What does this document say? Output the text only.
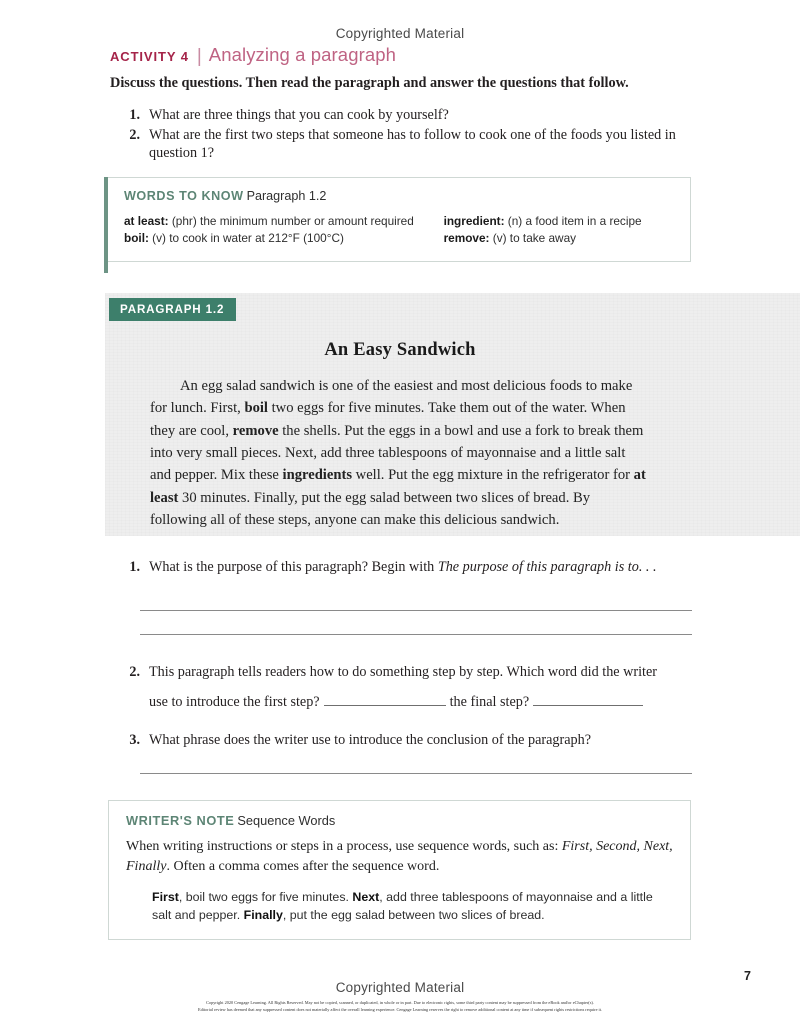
Copyrighted Material
ACTIVITY 4 | Analyzing a paragraph
Discuss the questions. Then read the paragraph and answer the questions that follow.
1. What are three things that you can cook by yourself?
2. What are the first two steps that someone has to follow to cook one of the foods you listed in question 1?
WORDS TO KNOW Paragraph 1.2
at least: (phr) the minimum number or amount required
boil: (v) to cook in water at 212°F (100°C)
ingredient: (n) a food item in a recipe
remove: (v) to take away
PARAGRAPH 1.2
An Easy Sandwich
An egg salad sandwich is one of the easiest and most delicious foods to make for lunch. First, boil two eggs for five minutes. Take them out of the water. When they are cool, remove the shells. Put the eggs in a bowl and use a fork to break them into very small pieces. Next, add three tablespoons of mayonnaise and a little salt and pepper. Mix these ingredients well. Put the egg mixture in the refrigerator for at least 30 minutes. Finally, put the egg salad between two slices of bread. By following all of these steps, anyone can make this delicious sandwich.
1. What is the purpose of this paragraph? Begin with The purpose of this paragraph is to. . .
2. This paragraph tells readers how to do something step by step. Which word did the writer
use to introduce the first step?	the final step?
3. What phrase does the writer use to introduce the conclusion of the paragraph?
WRITER'S NOTE Sequence Words
When writing instructions or steps in a process, use sequence words, such as: First, Second, Next, Finally. Often a comma comes after the sequence word.
First, boil two eggs for five minutes. Next, add three tablespoons of mayonnaise and a little salt and pepper. Finally, put the egg salad between two slices of bread.
Copyrighted Material
7
Copyright 2020 Cengage Learning. All Rights Reserved. May not be copied, scanned, or duplicated, in whole or in part. Due to electronic rights, some third party content may be suppressed from the eBook and/or eChapter(s).
Editorial review has deemed that any suppressed content does not materially affect the overall learning experience. Cengage Learning reserves the right to remove additional content at any time if subsequent rights restrictions require it.
